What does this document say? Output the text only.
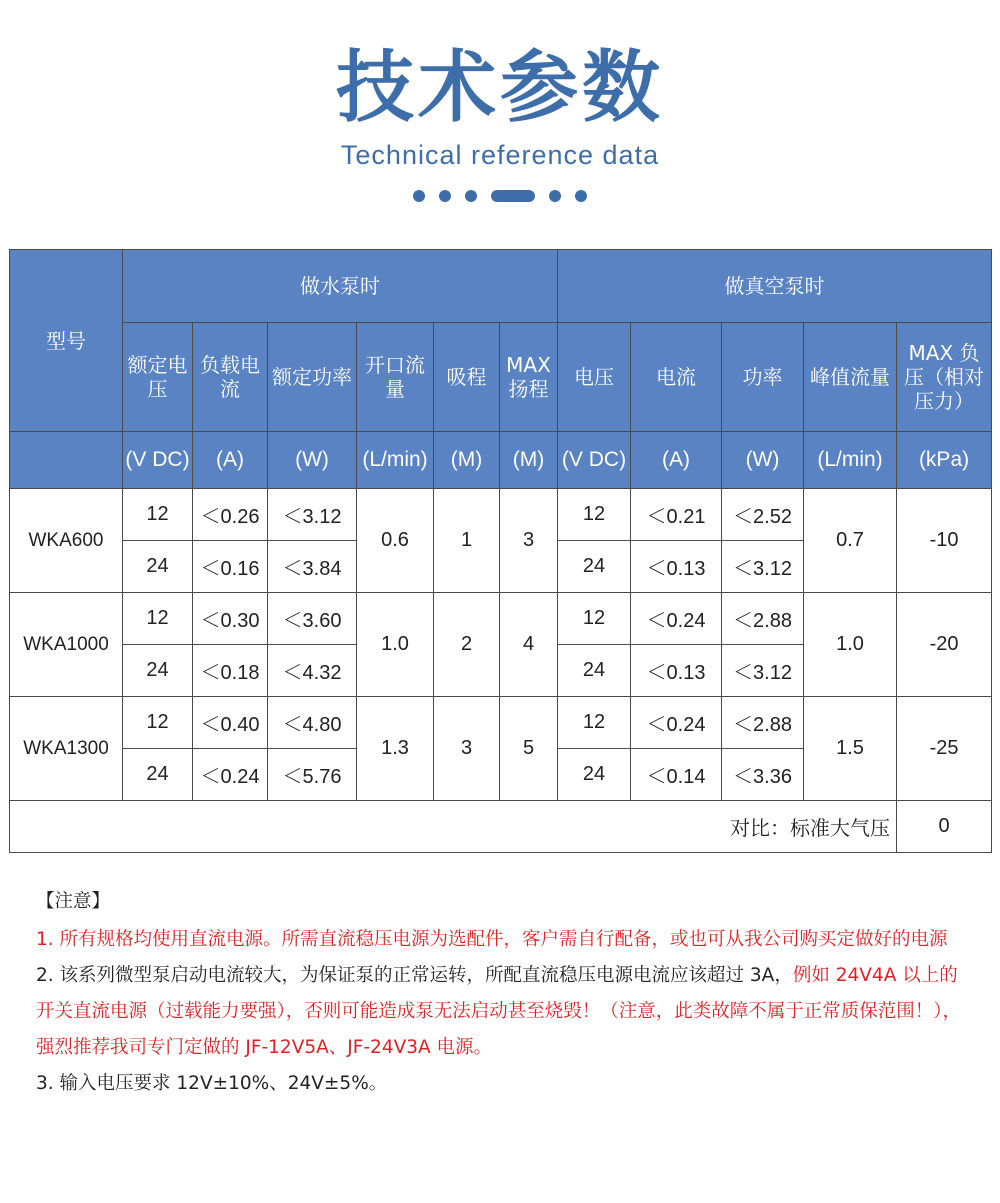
技术参数
Technical reference data
型号	做水泵时						做真空泵时				
	额定电压	负载电流	额定功率	开口流量	吸程	MAX扬程	电压	电流	功率	峰值流量	MAX 负压（相对压力）
	(V DC)	(A)	(W)	(L/min)	(M)	(M)	(V DC)	(A)	(W)	(L/min)	(kPa)
WKA600	12	＜0.26	＜3.12	0.6	1	3	12	＜0.21	＜2.52	0.7	-10
	24	＜0.16	＜3.84				24	＜0.13	＜3.12		
WKA1000	12	＜0.30	＜3.60	1.0	2	4	12	＜0.24	＜2.88	1.0	-20
	24	＜0.18	＜4.32				24	＜0.13	＜3.12		
WKA1300	12	＜0.40	＜4.80	1.3	3	5	12	＜0.24	＜2.88	1.5	-25
	24	＜0.24	＜5.76				24	＜0.14	＜3.36		
对比：标准大气压											0

【注意】

1. 所有规格均使用直流电源。所需直流稳压电源为选配件，客户需自行配备，或也可从我公司购买定做好的电源

2. 该系列微型泵启动电流较大，为保证泵的正常运转，所配直流稳压电源电流应该超过 3A，例如 24V4A 以上的开关直流电源（过载能力要强），否则可能造成泵无法启动甚至烧毁！（注意，此类故障不属于正常质保范围！），强烈推荐我司专门定做的 JF-12V5A、JF-24V3A 电源。

3. 输入电压要求 12V±10%、24V±5%。
